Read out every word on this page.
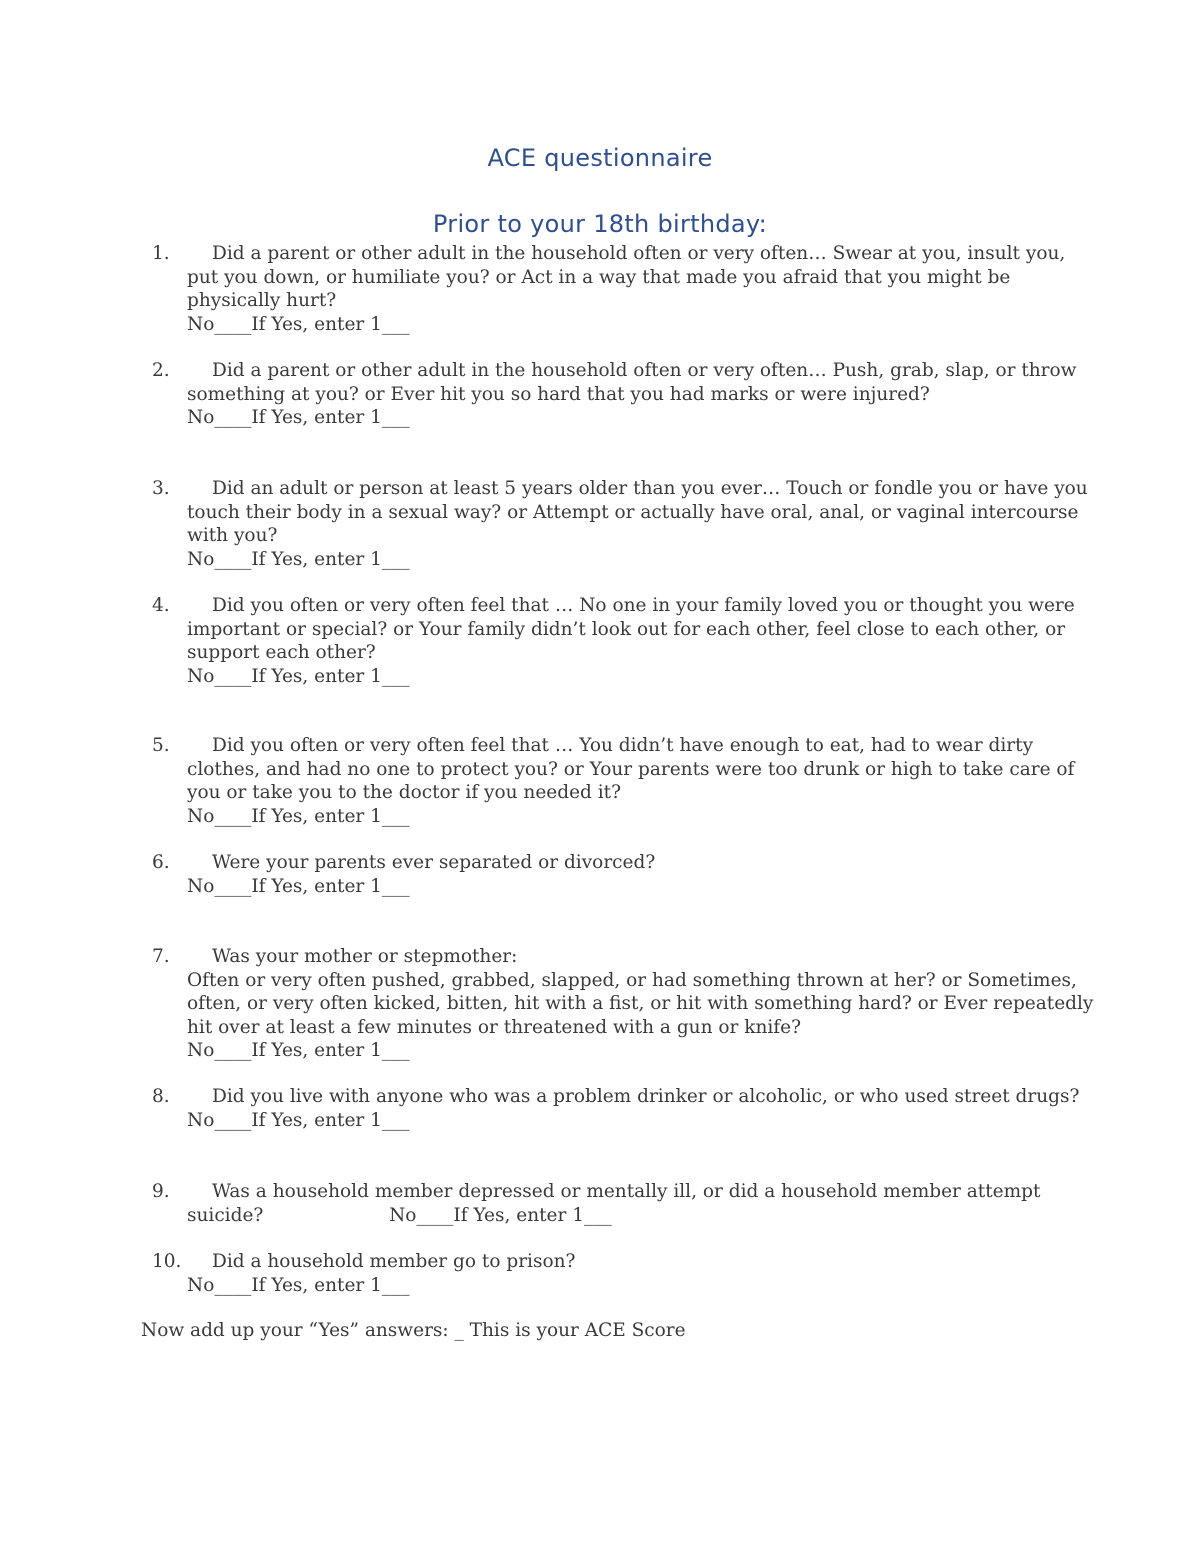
ACE questionnaire
Prior to your 18th birthday:
1.	Did a parent or other adult in the household often or very often… Swear at you, insult you,

put you down, or humiliate you? or Act in a way that made you afraid that you might be

physically hurt?

No____If Yes, enter 1___

2.	Did a parent or other adult in the household often or very often… Push, grab, slap, or throw

something at you? or Ever hit you so hard that you had marks or were injured?

No____If Yes, enter 1___

3.	Did an adult or person at least 5 years older than you ever… Touch or fondle you or have you

touch their body in a sexual way? or Attempt or actually have oral, anal, or vaginal intercourse

with you?

No____If Yes, enter 1___

4.	Did you often or very often feel that … No one in your family loved you or thought you were

important or special? or Your family didn’t look out for each other, feel close to each other, or

support each other?

No____If Yes, enter 1___

5.	Did you often or very often feel that … You didn’t have enough to eat, had to wear dirty

clothes, and had no one to protect you? or Your parents were too drunk or high to take care of

you or take you to the doctor if you needed it?

No____If Yes, enter 1___

6.	Were your parents ever separated or divorced?

No____If Yes, enter 1___

7.	Was your mother or stepmother:

Often or very often pushed, grabbed, slapped, or had something thrown at her? or Sometimes,

often, or very often kicked, bitten, hit with a fist, or hit with something hard? or Ever repeatedly

hit over at least a few minutes or threatened with a gun or knife?

No____If Yes, enter 1___

8.	Did you live with anyone who was a problem drinker or alcoholic, or who used street drugs?

No____If Yes, enter 1___

9.	Was a household member depressed or mentally ill, or did a household member attempt

suicide?	No____If Yes, enter 1___

10.	Did a household member go to prison?

No____If Yes, enter 1___

Now add up your “Yes” answers: _ This is your ACE Score
